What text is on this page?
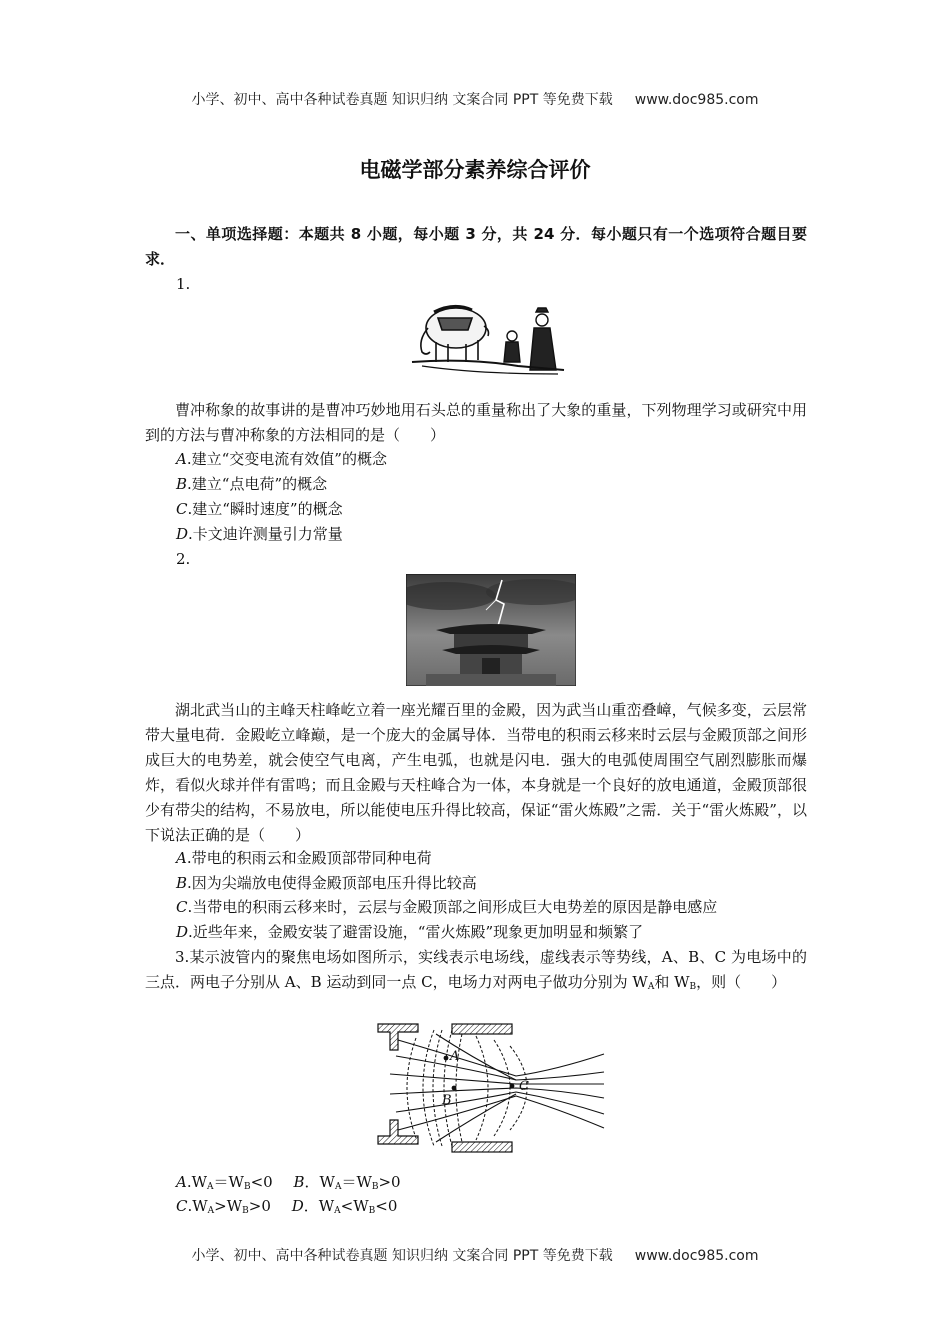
小学、初中、高中各种试卷真题 知识归纳 文案合同 PPT 等免费下载 www.doc985.com
电磁学部分素养综合评价

一、单项选择题：本题共 8 小题，每小题 3 分，共 24 分．每小题只有一个选项符合题目要求．

1.

曹冲称象的故事讲的是曹冲巧妙地用石头总的重量称出了大象的重量，下列物理学习或研究中用到的方法与曹冲称象的方法相同的是（　　）

A.建立“交变电流有效值”的概念
B.建立“点电荷”的概念
C.建立“瞬时速度”的概念
D.卡文迪许测量引力常量
2.

湖北武当山的主峰天柱峰屹立着一座光耀百里的金殿，因为武当山重峦叠嶂，气候多变，云层常带大量电荷．金殿屹立峰巅，是一个庞大的金属导体．当带电的积雨云移来时云层与金殿顶部之间形成巨大的电势差，就会使空气电离，产生电弧，也就是闪电．强大的电弧使周围空气剧烈膨胀而爆炸，看似火球并伴有雷鸣；而且金殿与天柱峰合为一体，本身就是一个良好的放电通道，金殿顶部很少有带尖的结构，不易放电，所以能使电压升得比较高，保证“雷火炼殿”之需．关于“雷火炼殿”，以下说法正确的是（　　）

A.带电的积雨云和金殿顶部带同种电荷
B.因为尖端放电使得金殿顶部电压升得比较高
C.当带电的积雨云移来时，云层与金殿顶部之间形成巨大电势差的原因是静电感应
D.近些年来，金殿安装了避雷设施，“雷火炼殿”现象更加明显和频繁了

3.某示波管内的聚焦电场如图所示，实线表示电场线，虚线表示等势线，A、B、C 为电场中的三点．两电子分别从 A、B 运动到同一点 C，电场力对两电子做功分别为 $W_A$和 $W_B$，则（　　）

A
B
C
$A.W_A=W_B<0$ B．$W_A=W_B>0$
$C.W_A>W_B>0$ D．$W_A<W_B<0$
小学、初中、高中各种试卷真题 知识归纳 文案合同 PPT 等免费下载 www.doc985.com
